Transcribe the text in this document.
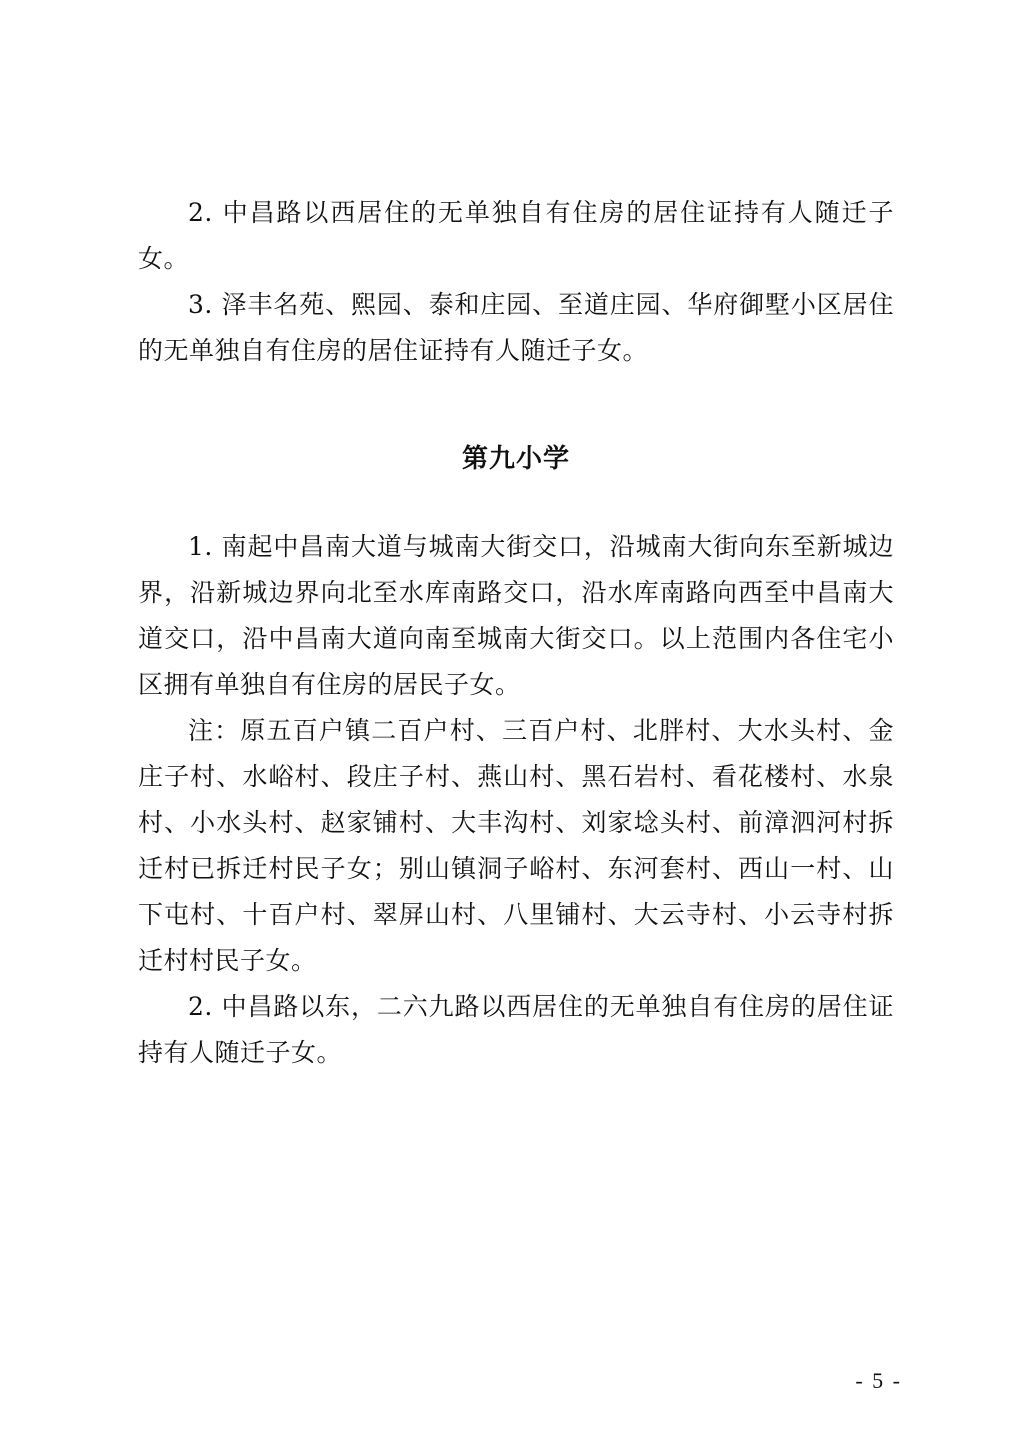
2. 中昌路以西居住的无单独自有住房的居住证持有人随迁子女。

3. 泽丰名苑、熙园、泰和庄园、至道庄园、华府御墅小区居住的无单独自有住房的居住证持有人随迁子女。

第九小学

1. 南起中昌南大道与城南大街交口，沿城南大街向东至新城边界，沿新城边界向北至水库南路交口，沿水库南路向西至中昌南大道交口，沿中昌南大道向南至城南大街交口。以上范围内各住宅小区拥有单独自有住房的居民子女。

注：原五百户镇二百户村、三百户村、北胖村、大水头村、金庄子村、水峪村、段庄子村、燕山村、黑石岩村、看花楼村、水泉村、小水头村、赵家铺村、大丰沟村、刘家埝头村、前漳泗河村拆迁村已拆迁村民子女；别山镇洞子峪村、东河套村、西山一村、山下屯村、十百户村、翠屏山村、八里铺村、大云寺村、小云寺村拆迁村村民子女。

2. 中昌路以东，二六九路以西居住的无单独自有住房的居住证持有人随迁子女。

- 5 -
